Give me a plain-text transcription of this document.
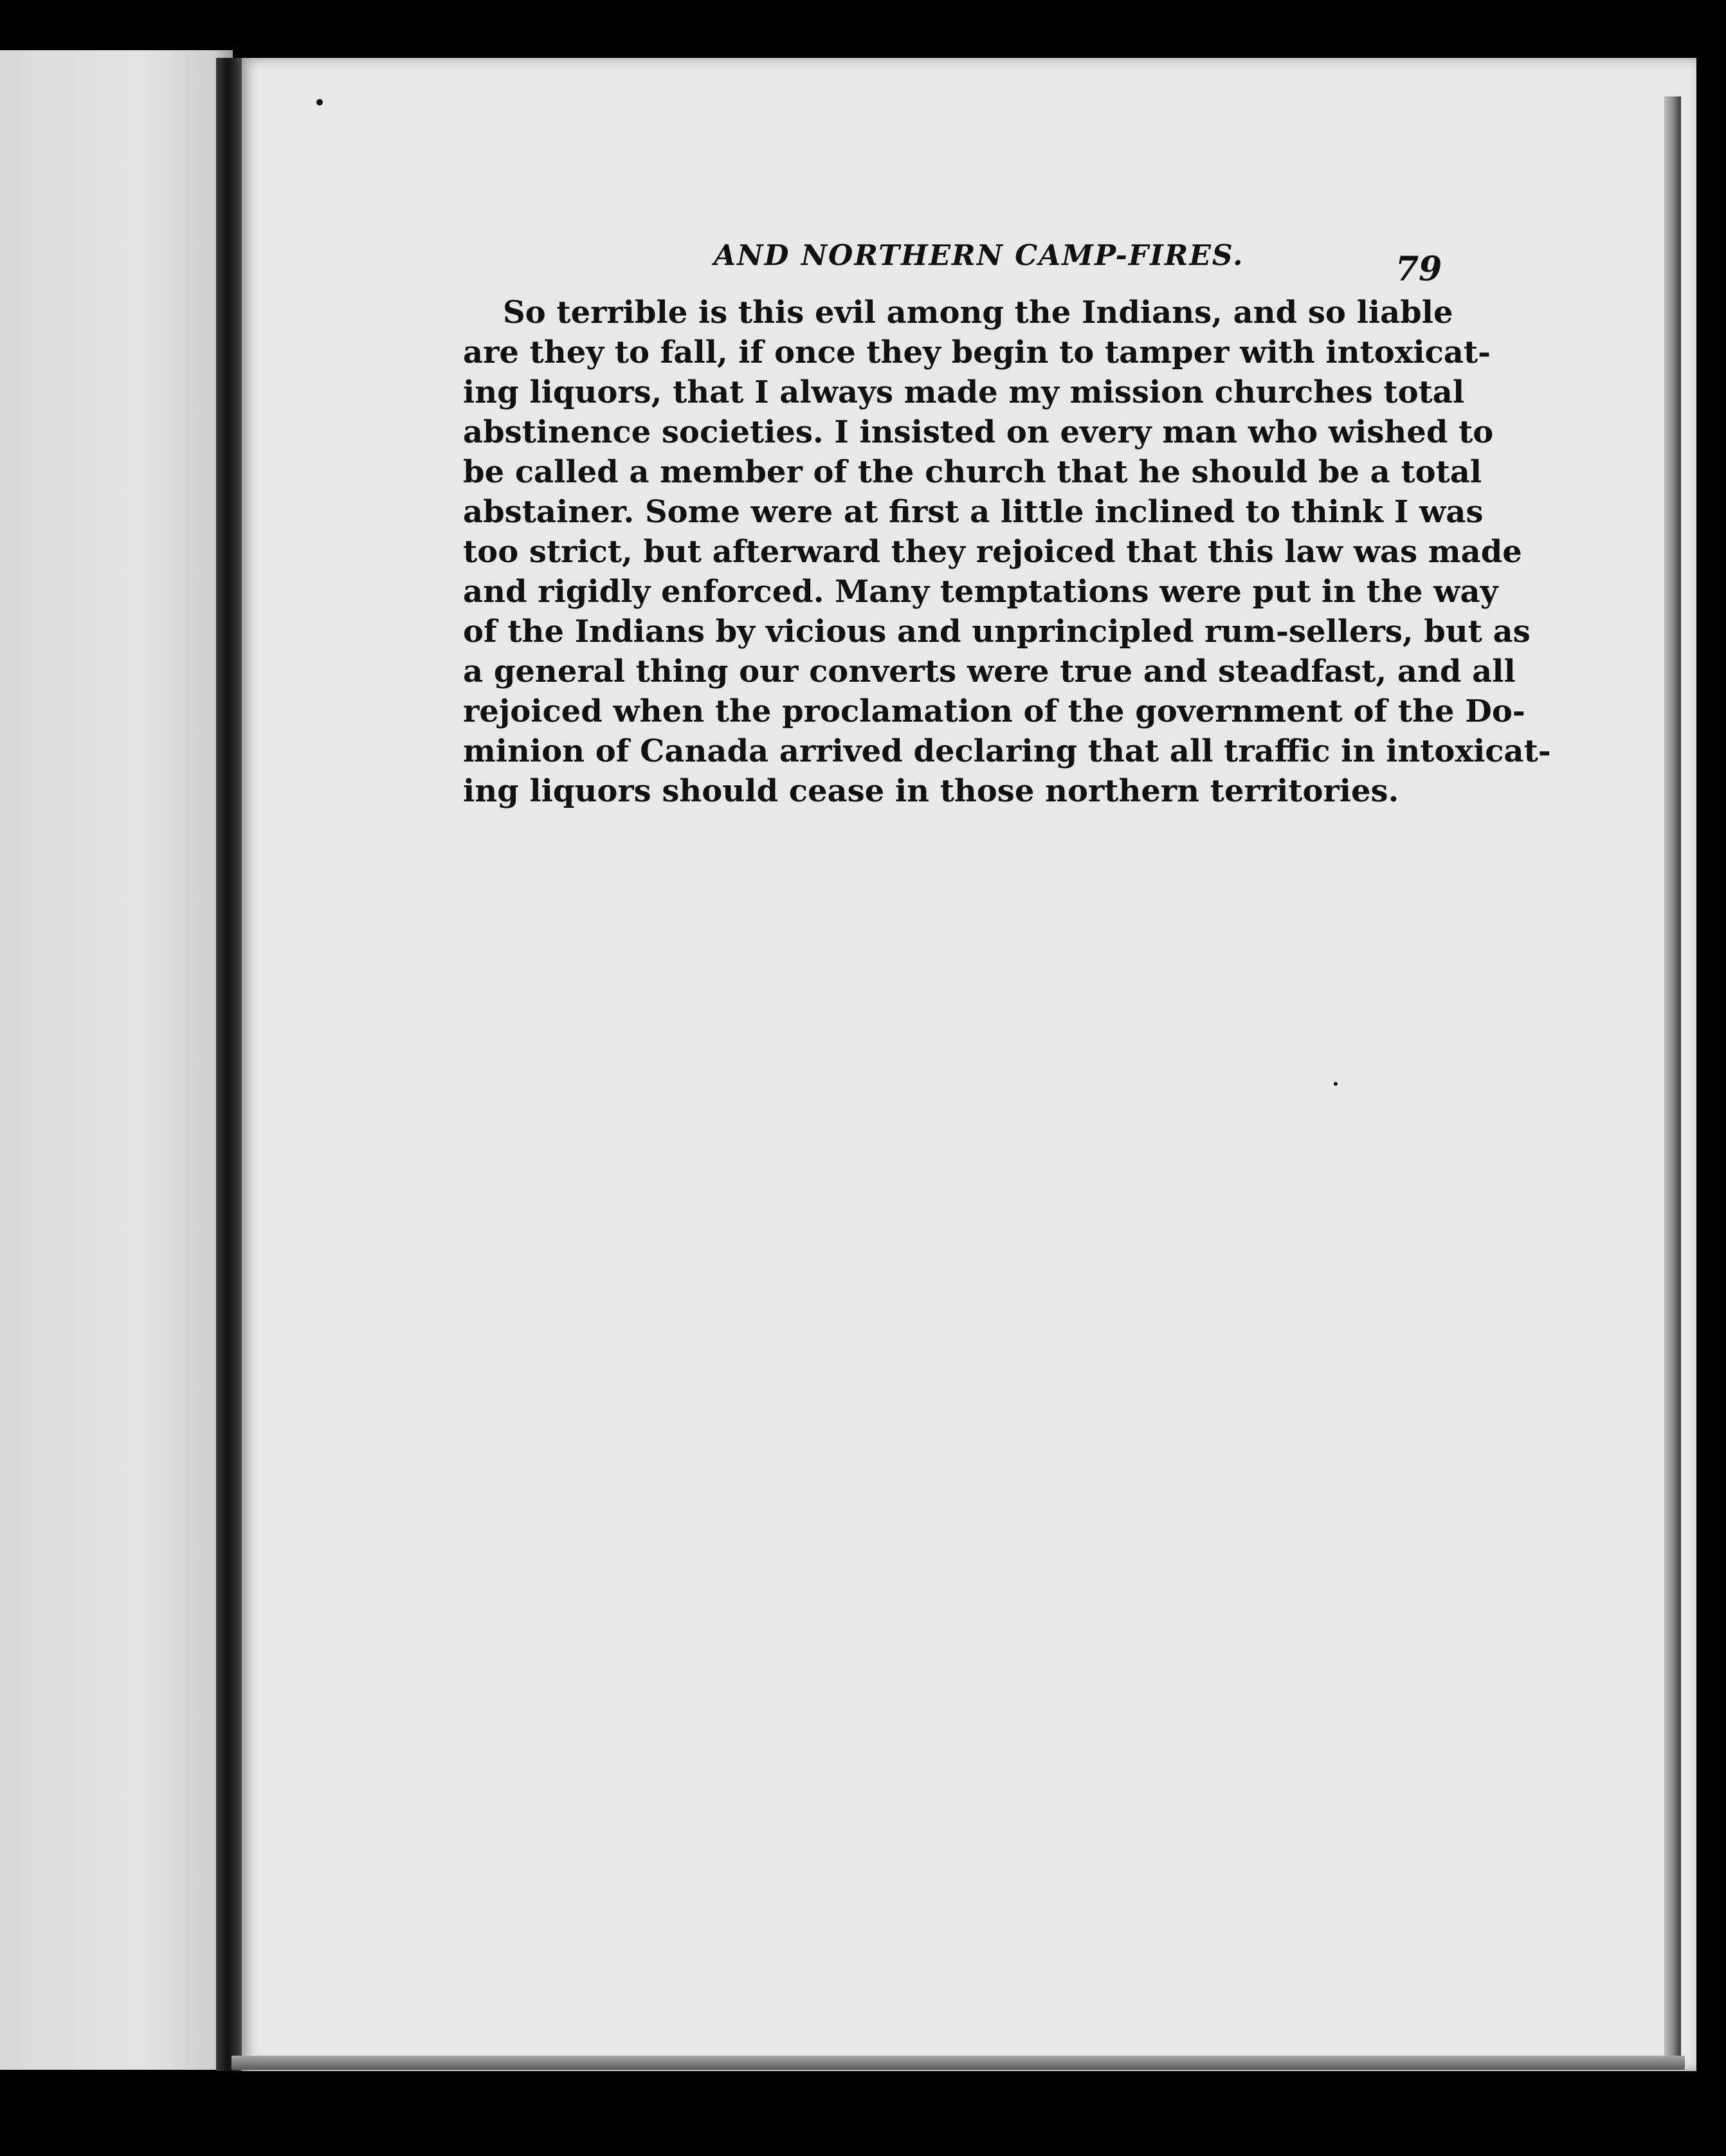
AND NORTHERN CAMP-FIRES.	79
So terrible is this evil among the Indians, and so liable
are they to fall, if once they begin to tamper with intoxicat-
ing liquors, that I always made my mission churches total
abstinence societies. I insisted on every man who wished to
be called a member of the church that he should be a total
abstainer. Some were at first a little inclined to think I was
too strict, but afterward they rejoiced that this law was made
and rigidly enforced. Many temptations were put in the way
of the Indians by vicious and unprincipled rum-sellers, but as
a general thing our converts were true and steadfast, and all
rejoiced when the proclamation of the government of the Do-
minion of Canada arrived declaring that all traffic in intoxicat-
ing liquors should cease in those northern territories.
